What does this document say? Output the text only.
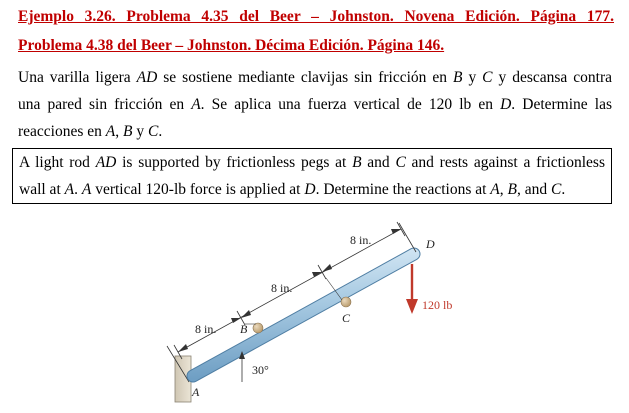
Ejemplo 3.26. Problema 4.35 del Beer – Johnston. Novena Edición. Página 177.
Problema 4.38 del Beer – Johnston. Décima Edición. Página 146.
Una varilla ligera AD se sostiene mediante clavijas sin fricción en B y C y descansa contra
una pared sin fricción en A. Se aplica una fuerza vertical de 120 lb en D. Determine las
reacciones en A, B y C.
A light rod AD is supported by frictionless pegs at B and C and rests against a frictionless
wall at A. A vertical 120-lb force is applied at D. Determine the reactions at A, B, and C.
8 in.
8 in.
8 in.
A
B
C
D
120 lb
30°
